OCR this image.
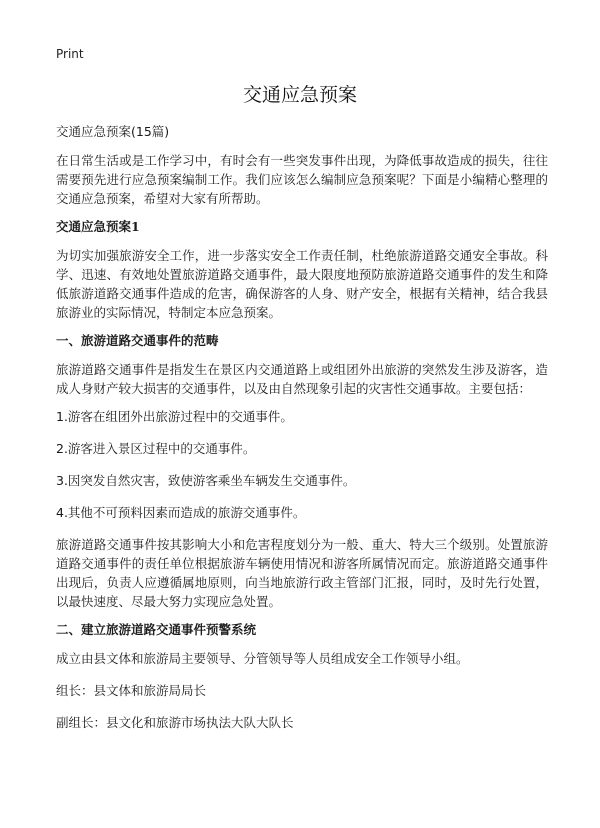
Print
交通应急预案

交通应急预案(15篇)

在日常生活或是工作学习中，有时会有一些突发事件出现，为降低事故造成的损失，往往需要预先进行应急预案编制工作。我们应该怎么编制应急预案呢？下面是小编精心整理的交通应急预案，希望对大家有所帮助。

交通应急预案1

为切实加强旅游安全工作，进一步落实安全工作责任制，杜绝旅游道路交通安全事故。科学、迅速、有效地处置旅游道路交通事件，最大限度地预防旅游道路交通事件的发生和降低旅游道路交通事件造成的危害，确保游客的人身、财产安全，根据有关精神，结合我县旅游业的实际情况，特制定本应急预案。

一、旅游道路交通事件的范畴

旅游道路交通事件是指发生在景区内交通道路上或组团外出旅游的突然发生涉及游客，造成人身财产较大损害的交通事件，以及由自然现象引起的灾害性交通事故。主要包括：

1.游客在组团外出旅游过程中的交通事件。

2.游客进入景区过程中的交通事件。

3.因突发自然灾害，致使游客乘坐车辆发生交通事件。

4.其他不可预料因素而造成的旅游交通事件。

旅游道路交通事件按其影响大小和危害程度划分为一般、重大、特大三个级别。处置旅游道路交通事件的责任单位根据旅游车辆使用情况和游客所属情况而定。旅游道路交通事件出现后，负责人应遵循属地原则，向当地旅游行政主管部门汇报，同时，及时先行处置，以最快速度、尽最大努力实现应急处置。

二、建立旅游道路交通事件预警系统

成立由县文体和旅游局主要领导、分管领导等人员组成安全工作领导小组。

组长：县文体和旅游局局长

副组长：县文化和旅游市场执法大队大队长
